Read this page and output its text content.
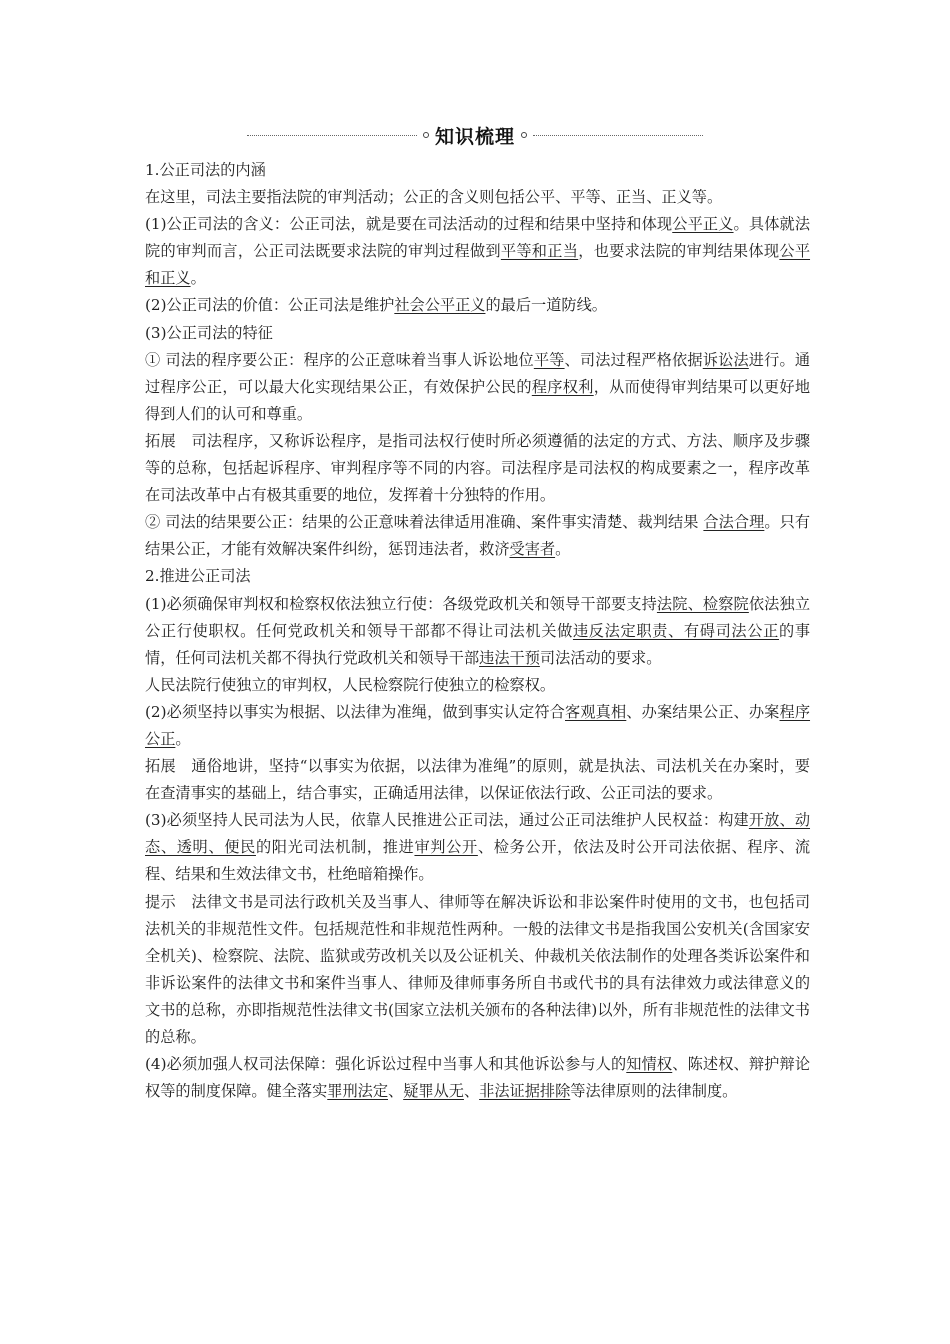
知识梳理

1.公正司法的内涵

在这里，司法主要指法院的审判活动；公正的含义则包括公平、平等、正当、正义等。

(1)公正司法的含义：公正司法，就是要在司法活动的过程和结果中坚持和体现公平正义。具体就法院的审判而言，公正司法既要求法院的审判过程做到平等和正当，也要求法院的审判结果体现公平和正义。

(2)公正司法的价值：公正司法是维护社会公平正义的最后一道防线。

(3)公正司法的特征

① 司法的程序要公正：程序的公正意味着当事人诉讼地位平等、司法过程严格依据诉讼法进行。通过程序公正，可以最大化实现结果公正，有效保护公民的程序权利，从而使得审判结果可以更好地得到人们的认可和尊重。

拓展　司法程序，又称诉讼程序，是指司法权行使时所必须遵循的法定的方式、方法、顺序及步骤等的总称，包括起诉程序、审判程序等不同的内容。司法程序是司法权的构成要素之一，程序改革在司法改革中占有极其重要的地位，发挥着十分独特的作用。

② 司法的结果要公正：结果的公正意味着法律适用准确、案件事实清楚、裁判结果 合法合理。只有结果公正，才能有效解决案件纠纷，惩罚违法者，救济受害者。

2.推进公正司法

(1)必须确保审判权和检察权依法独立行使：各级党政机关和领导干部要支持法院、检察院依法独立公正行使职权。任何党政机关和领导干部都不得让司法机关做违反法定职责、有碍司法公正的事情，任何司法机关都不得执行党政机关和领导干部违法干预司法活动的要求。

人民法院行使独立的审判权，人民检察院行使独立的检察权。

(2)必须坚持以事实为根据、以法律为准绳，做到事实认定符合客观真相、办案结果公正、办案程序公正。

拓展　通俗地讲，坚持“以事实为依据，以法律为准绳”的原则，就是执法、司法机关在办案时，要在查清事实的基础上，结合事实，正确适用法律，以保证依法行政、公正司法的要求。

(3)必须坚持人民司法为人民，依靠人民推进公正司法，通过公正司法维护人民权益：构建开放、动态、透明、便民的阳光司法机制，推进审判公开、检务公开，依法及时公开司法依据、程序、流程、结果和生效法律文书，杜绝暗箱操作。

提示　法律文书是司法行政机关及当事人、律师等在解决诉讼和非讼案件时使用的文书，也包括司法机关的非规范性文件。包括规范性和非规范性两种。一般的法律文书是指我国公安机关(含国家安全机关)、检察院、法院、监狱或劳改机关以及公证机关、仲裁机关依法制作的处理各类诉讼案件和非诉讼案件的法律文书和案件当事人、律师及律师事务所自书或代书的具有法律效力或法律意义的文书的总称，亦即指规范性法律文书(国家立法机关颁布的各种法律)以外，所有非规范性的法律文书的总称。

(4)必须加强人权司法保障：强化诉讼过程中当事人和其他诉讼参与人的知情权、陈述权、辩护辩论权等的制度保障。健全落实罪刑法定、疑罪从无、非法证据排除等法律原则的法律制度。
